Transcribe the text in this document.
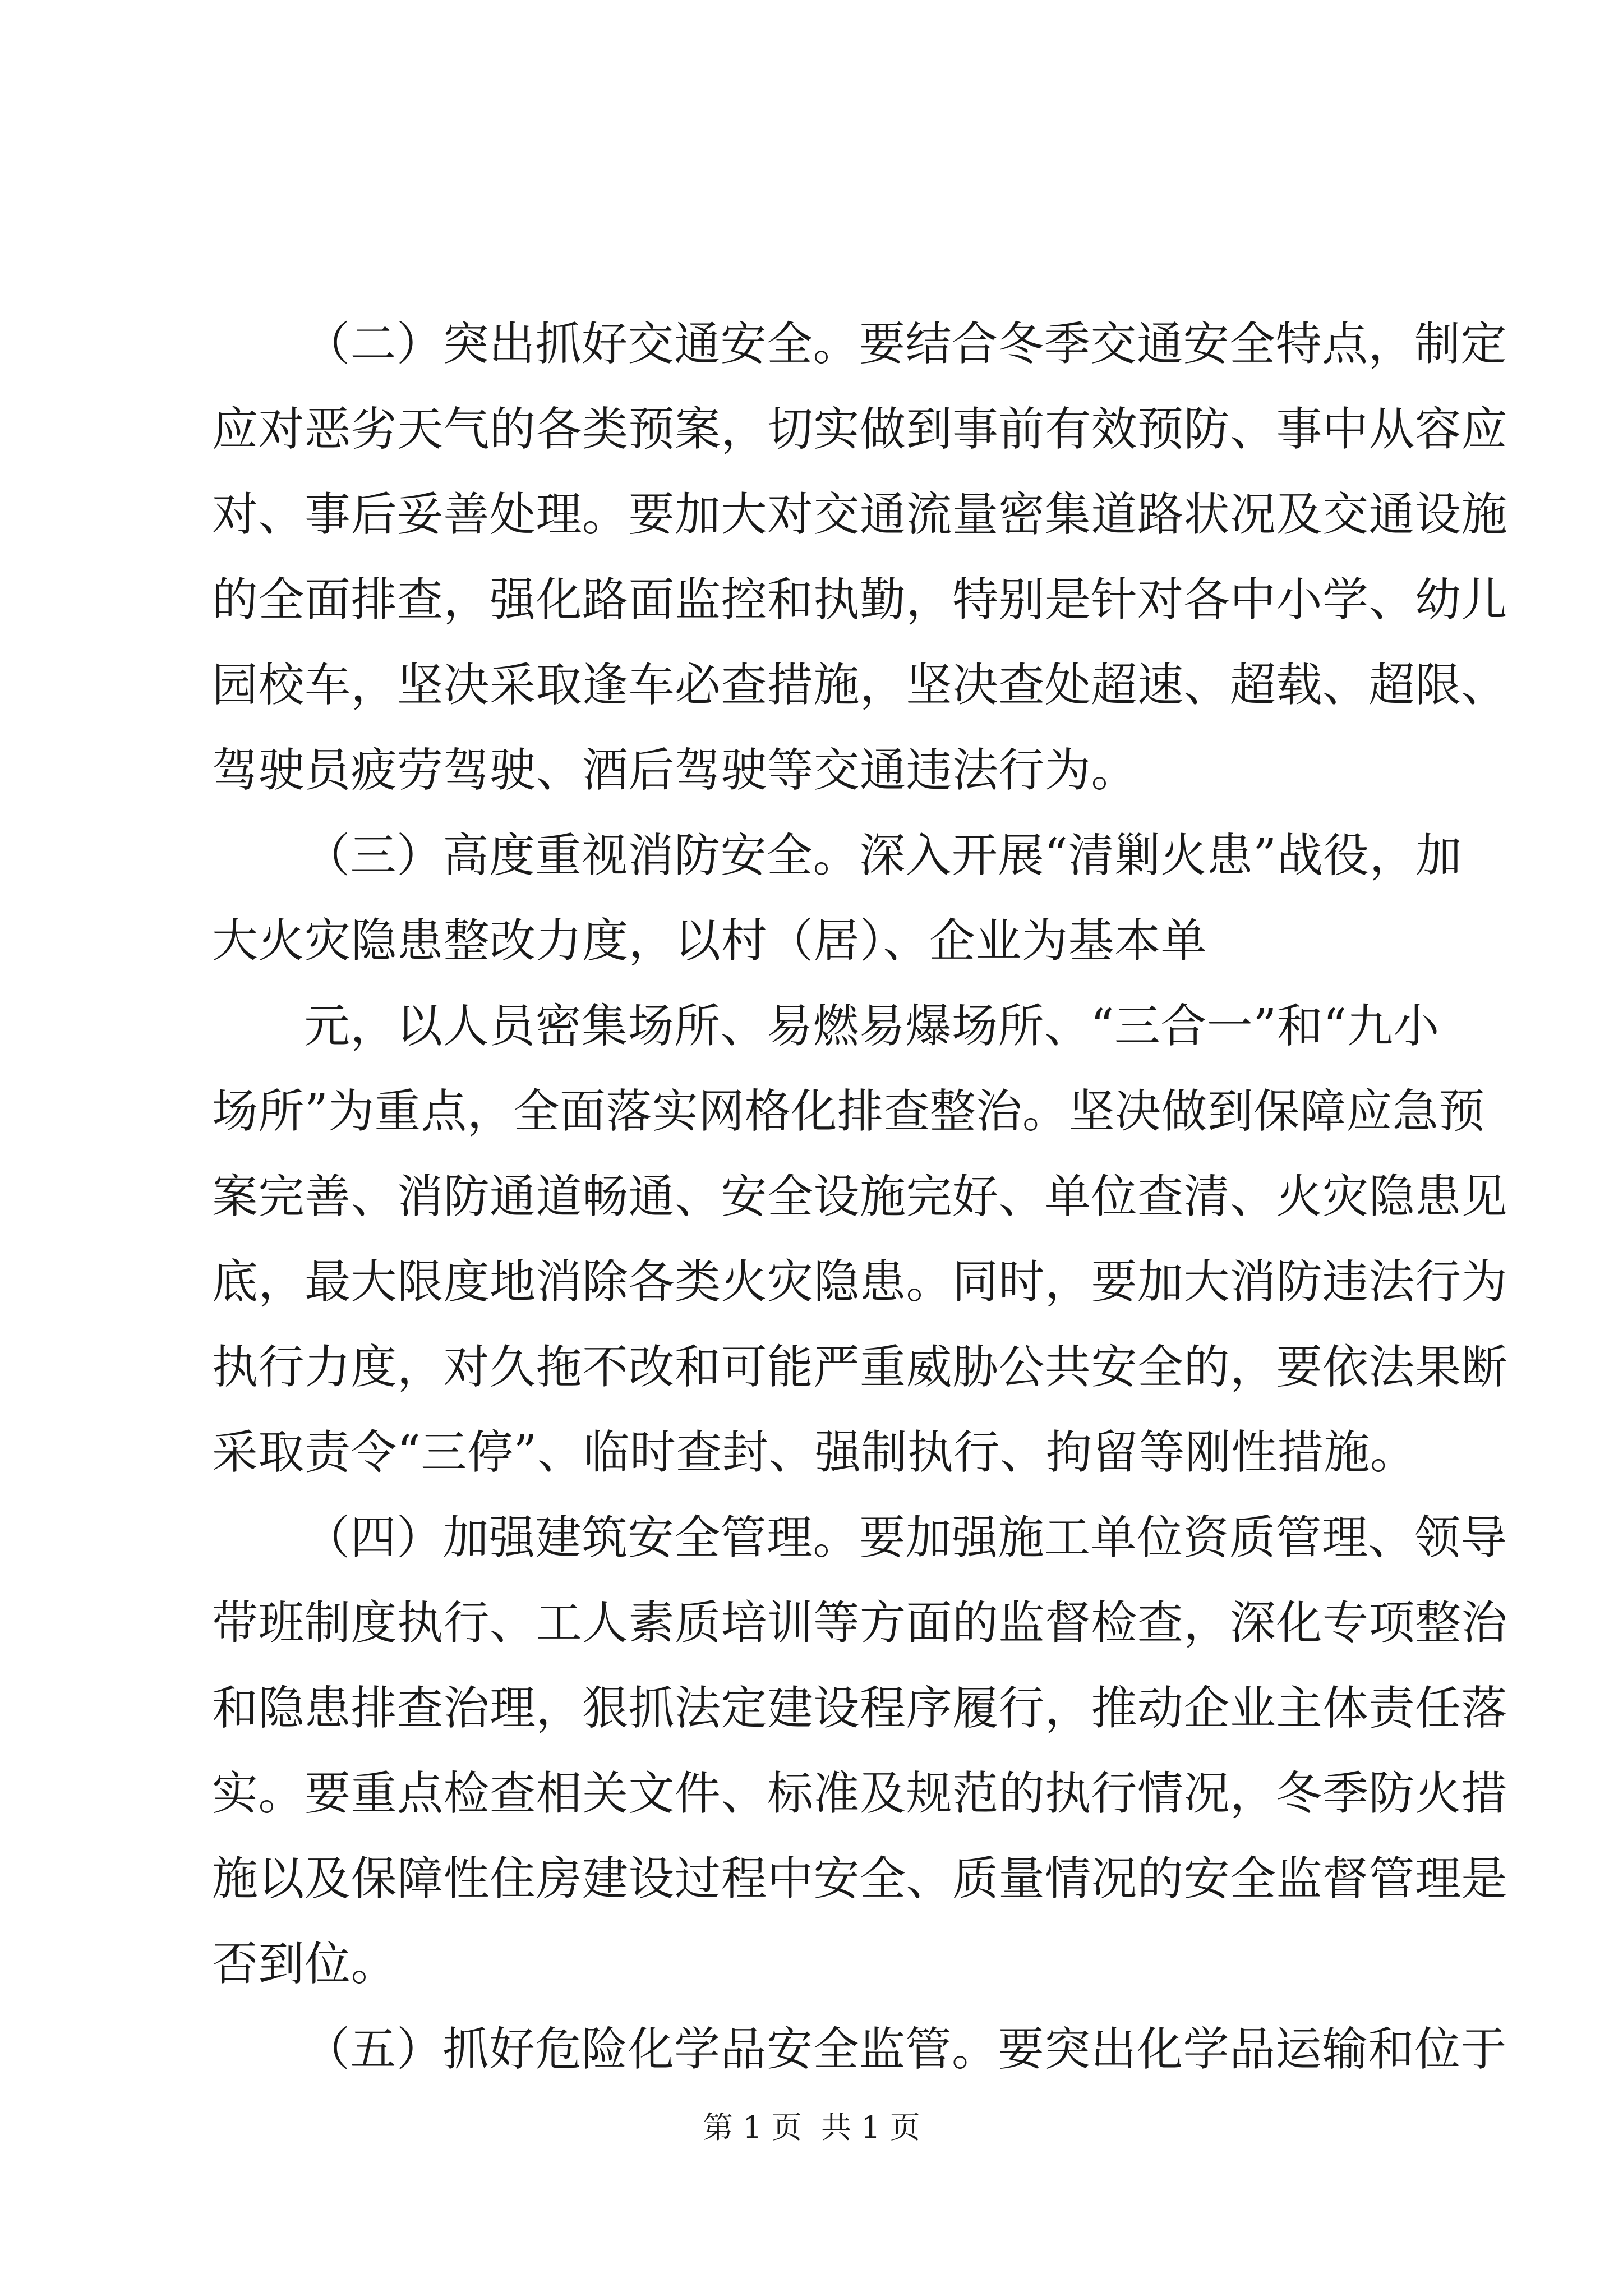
（二）突出抓好交通安全。要结合冬季交通安全特点，制定
应对恶劣天气的各类预案，切实做到事前有效预防、事中从容应
对、事后妥善处理。要加大对交通流量密集道路状况及交通设施
的全面排查，强化路面监控和执勤，特别是针对各中小学、幼儿
园校车，坚决采取逢车必查措施，坚决查处超速、超载、超限、
驾驶员疲劳驾驶、酒后驾驶等交通违法行为。
（三）高度重视消防安全。深入开展“清剿火患”战役，加
大火灾隐患整改力度，以村（居）、企业为基本单
元，以人员密集场所、易燃易爆场所、“三合一”和“九小
场所”为重点，全面落实网格化排查整治。坚决做到保障应急预
案完善、消防通道畅通、安全设施完好、单位查清、火灾隐患见
底，最大限度地消除各类火灾隐患。同时，要加大消防违法行为
执行力度，对久拖不改和可能严重威胁公共安全的，要依法果断
采取责令“三停”、临时查封、强制执行、拘留等刚性措施。
（四）加强建筑安全管理。要加强施工单位资质管理、领导
带班制度执行、工人素质培训等方面的监督检查，深化专项整治
和隐患排查治理，狠抓法定建设程序履行，推动企业主体责任落
实。要重点检查相关文件、标准及规范的执行情况，冬季防火措
施以及保障性住房建设过程中安全、质量情况的安全监督管理是
否到位。
（五）抓好危险化学品安全监管。要突出化学品运输和位于
第 1 页  共 1 页
